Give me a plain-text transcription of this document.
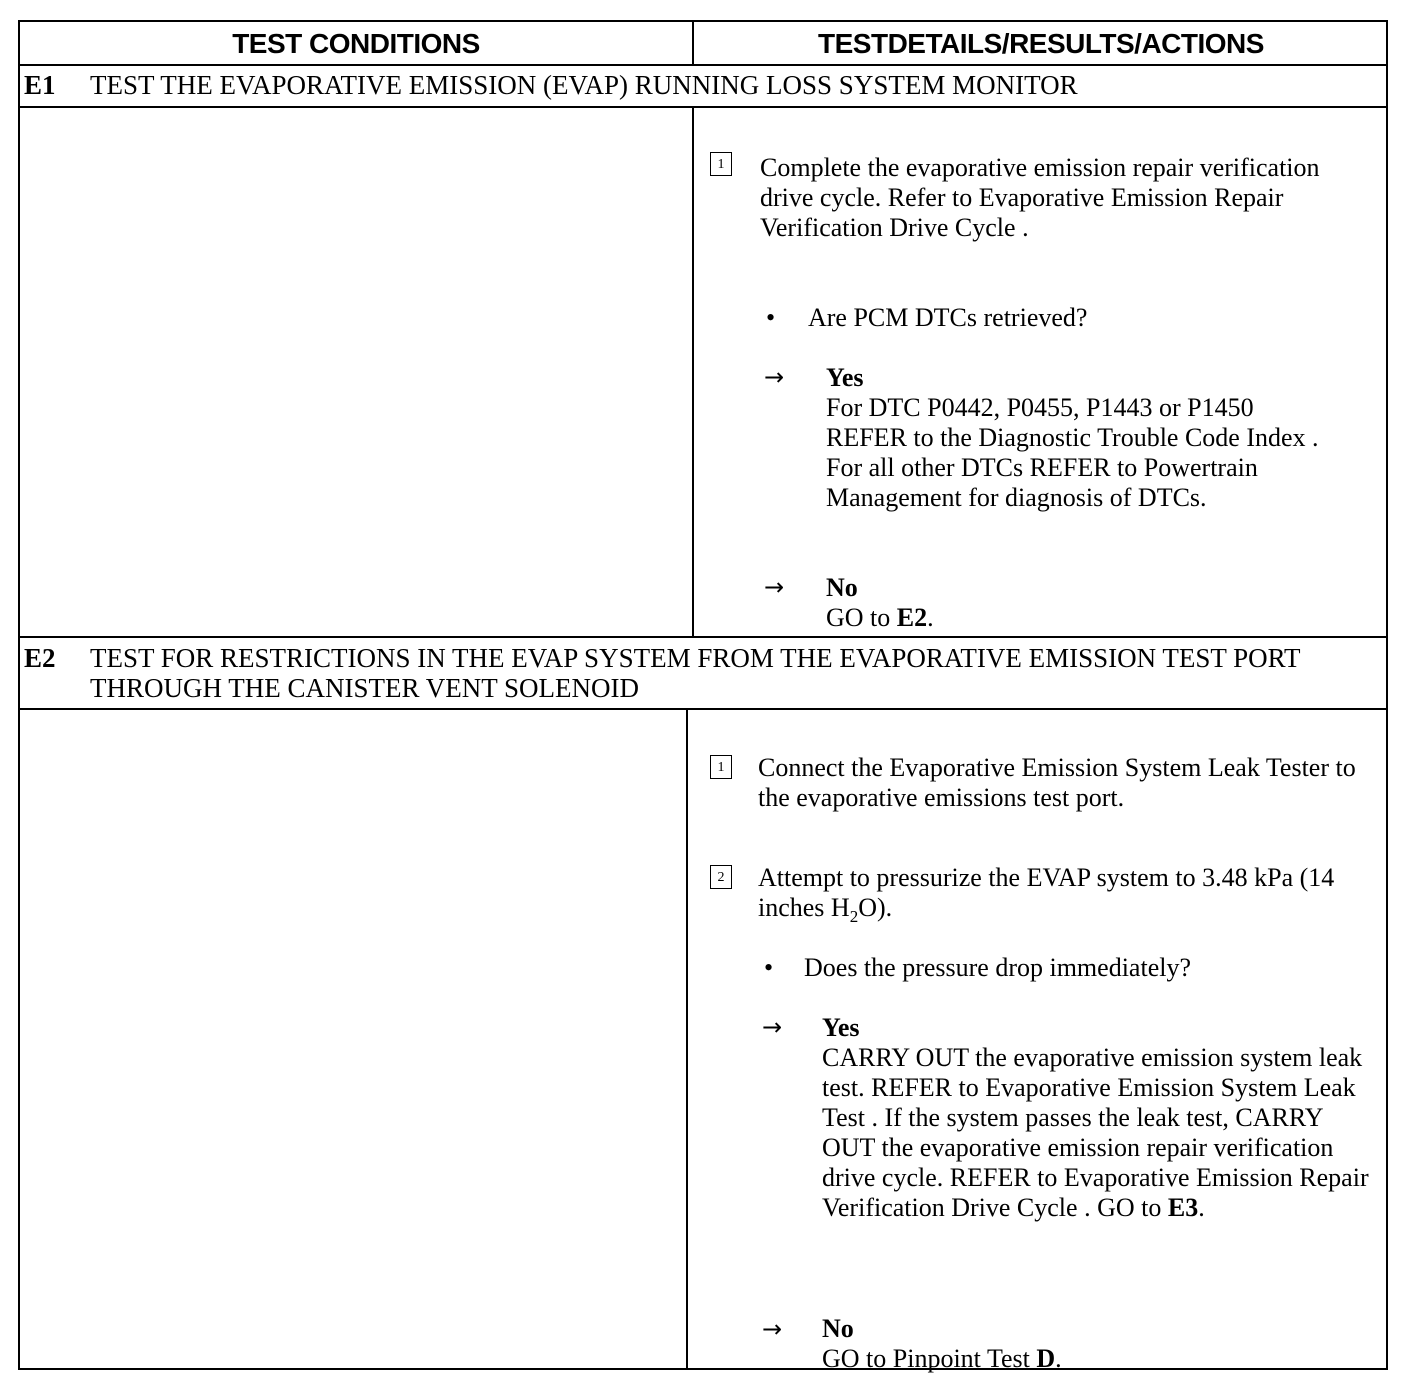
TEST CONDITIONS	TESTDETAILS/RESULTS/ACTIONS
E1 TEST THE EVAPORATIVE EMISSION (EVAP) RUNNING LOSS SYSTEM MONITOR
1 Complete the evaporative emission repair verification drive cycle. Refer to Evaporative Emission Repair Verification Drive Cycle .
• Are PCM DTCs retrieved?
→ Yes
For DTC P0442, P0455, P1443 or P1450 REFER to the Diagnostic Trouble Code Index . For all other DTCs REFER to Powertrain Management for diagnosis of DTCs.
→ No
GO to E2.
E2 TEST FOR RESTRICTIONS IN THE EVAP SYSTEM FROM THE EVAPORATIVE EMISSION TEST PORT THROUGH THE CANISTER VENT SOLENOID
1 Connect the Evaporative Emission System Leak Tester to the evaporative emissions test port.
2 Attempt to pressurize the EVAP system to 3.48 kPa (14 inches $H_2O$).
• Does the pressure drop immediately?
→ Yes
CARRY OUT the evaporative emission system leak test. REFER to Evaporative Emission System Leak Test . If the system passes the leak test, CARRY OUT the evaporative emission repair verification drive cycle. REFER to Evaporative Emission Repair Verification Drive Cycle . GO to E3.
→ No
GO to Pinpoint Test D.
